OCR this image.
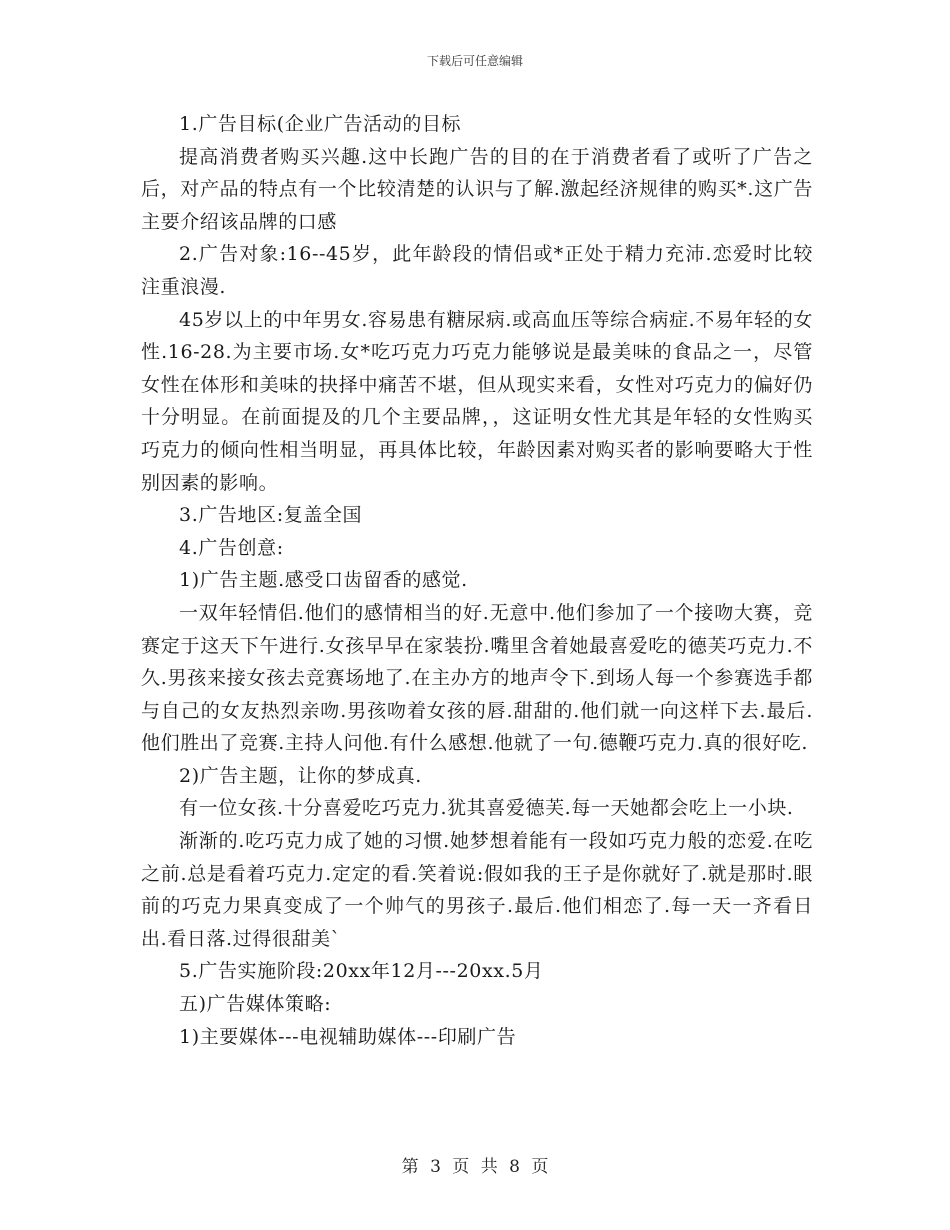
下载后可任意编辑

1.广告目标(企业广告活动的目标

提高消费者购买兴趣.这中长跑广告的目的在于消费者看了或听了广告之后，对产品的特点有一个比较清楚的认识与了解.激起经济规律的购买*.这广告主要介绍该品牌的口感

2.广告对象:16--45岁，此年龄段的情侣或*正处于精力充沛.恋爱时比较注重浪漫.

45岁以上的中年男女.容易患有糖尿病.或高血压等综合病症.不易年轻的女性.16-28.为主要市场.女*吃巧克力巧克力能够说是最美味的食品之一，尽管女性在体形和美味的抉择中痛苦不堪，但从现实来看，女性对巧克力的偏好仍十分明显。在前面提及的几个主要品牌，，这证明女性尤其是年轻的女性购买巧克力的倾向性相当明显，再具体比较，年龄因素对购买者的影响要略大于性别因素的影响。

3.广告地区:复盖全国

4.广告创意:

1)广告主题.感受口齿留香的感觉.

一双年轻情侣.他们的感情相当的好.无意中.他们参加了一个接吻大赛，竞赛定于这天下午进行.女孩早早在家装扮.嘴里含着她最喜爱吃的德芙巧克力.不久.男孩来接女孩去竞赛场地了.在主办方的地声令下.到场人每一个参赛选手都与自己的女友热烈亲吻.男孩吻着女孩的唇.甜甜的.他们就一向这样下去.最后.他们胜出了竞赛.主持人问他.有什么感想.他就了一句.德鞭巧克力.真的很好吃.

2)广告主题，让你的梦成真.

有一位女孩.十分喜爱吃巧克力.犹其喜爱德芙.每一天她都会吃上一小块.

渐渐的.吃巧克力成了她的习惯.她梦想着能有一段如巧克力般的恋爱.在吃之前.总是看着巧克力.定定的看.笑着说:假如我的王子是你就好了.就是那时.眼前的巧克力果真变成了一个帅气的男孩子.最后.他们相恋了.每一天一齐看日出.看日落.过得很甜美`

5.广告实施阶段:20xx年12月---20xx.5月

五)广告媒体策略:

1)主要媒体---电视辅助媒体---印刷广告

第 3 页 共 8 页
